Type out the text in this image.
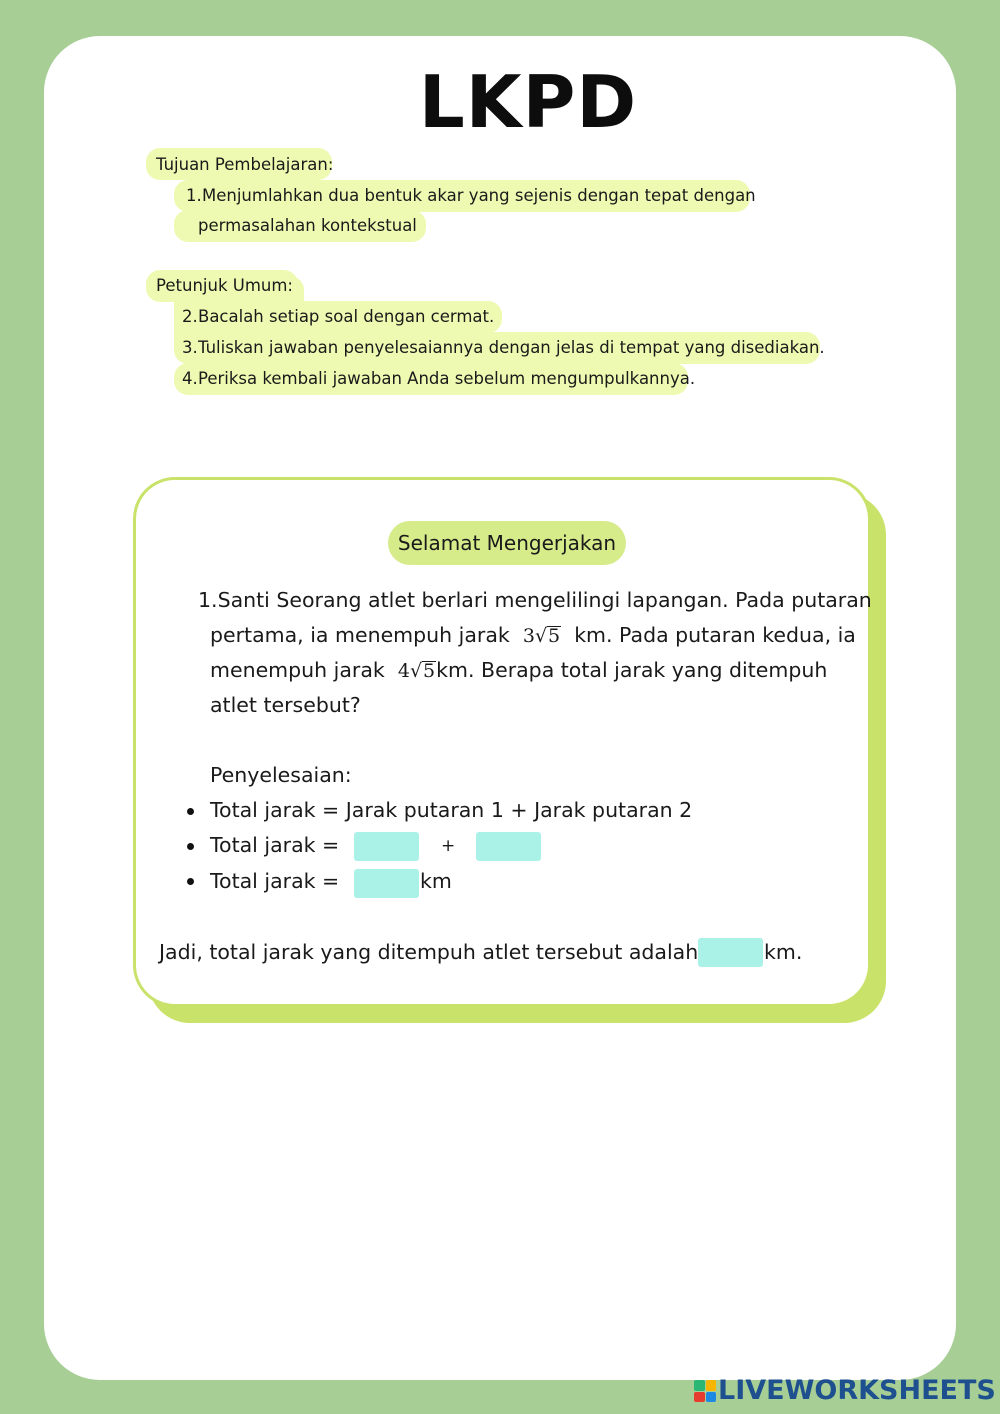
LKPD
Tujuan Pembelajaran:
1.Menjumlahkan dua bentuk akar yang sejenis dengan tepat dengan
permasalahan kontekstual
Petunjuk Umum:
2.Bacalah setiap soal dengan cermat.
3.Tuliskan jawaban penyelesaiannya dengan jelas di tempat yang disediakan.
4.Periksa kembali jawaban Anda sebelum mengumpulkannya.
Selamat Mengerjakan
1.Santi Seorang atlet berlari mengelilingi lapangan. Pada putaran
pertama, ia menempuh jarak 3√5 km. Pada putaran kedua, ia
menempuh jarak 4√5km. Berapa total jarak yang ditempuh
atlet tersebut?
Penyelesaian:
Total jarak = Jarak putaran 1 + Jarak putaran 2
Total jarak =	+
Total jarak =	km
Jadi, total jarak yang ditempuh atlet tersebut adalah	km.
LIVEWORKSHEETS
